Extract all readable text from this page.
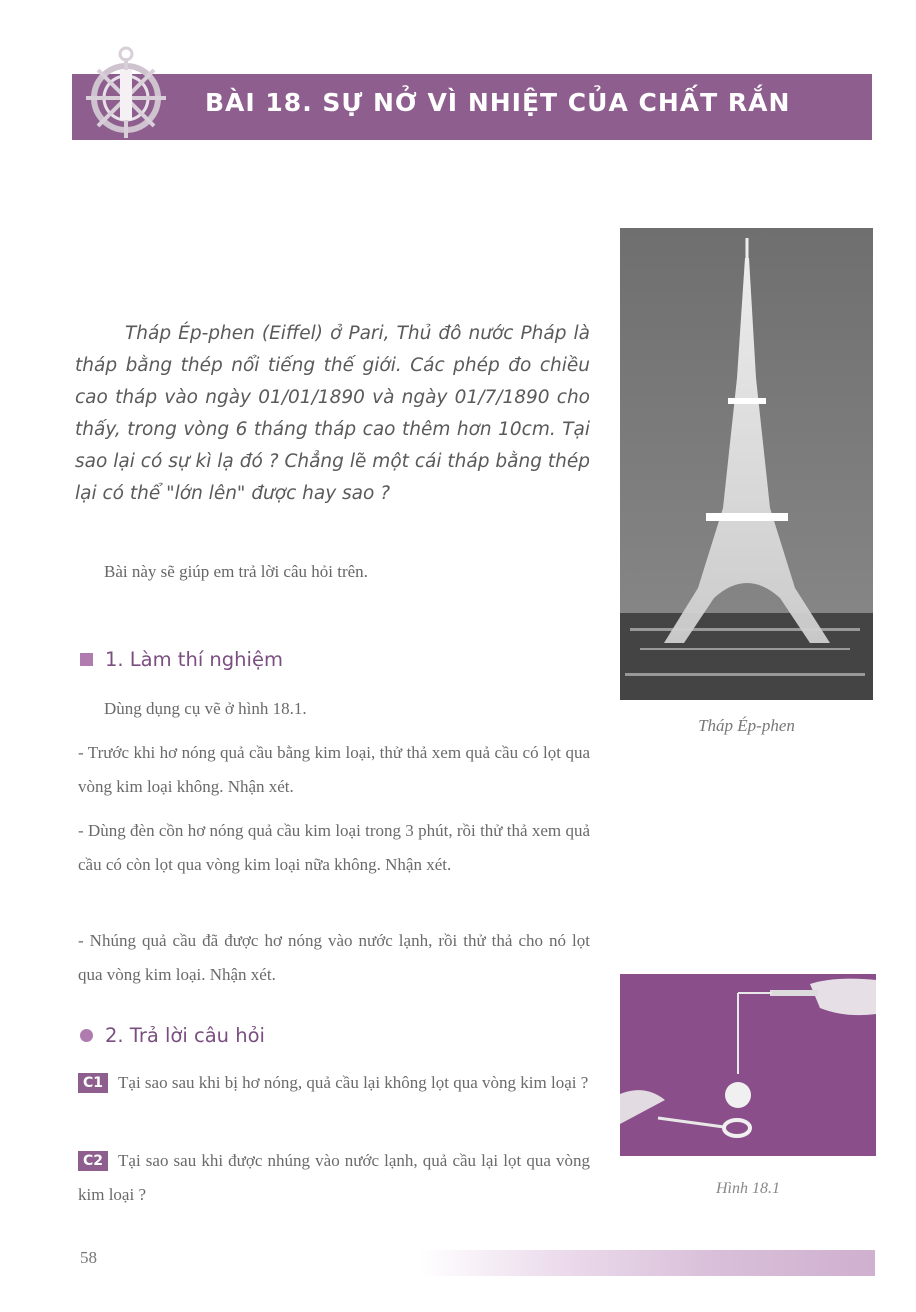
BÀI 18. SỰ NỞ VÌ NHIỆT CỦA CHẤT RẮN
Tháp Ép-phen (Eiffel) ở Pari, Thủ đô nước Pháp là tháp bằng thép nổi tiếng thế giới. Các phép đo chiều cao tháp vào ngày 01/01/1890 và ngày 01/7/1890 cho thấy, trong vòng 6 tháng tháp cao thêm hơn 10cm. Tại sao lại có sự kì lạ đó ? Chẳng lẽ một cái tháp bằng thép lại có thể "lớn lên" được hay sao ?
Bài này sẽ giúp em trả lời câu hỏi trên.
Tháp Ép-phen
1. Làm thí nghiệm
Dùng dụng cụ vẽ ở hình 18.1.
- Trước khi hơ nóng quả cầu bằng kim loại, thử thả xem quả cầu có lọt qua vòng kim loại không. Nhận xét.
- Dùng đèn cồn hơ nóng quả cầu kim loại trong 3 phút, rồi thử thả xem quả cầu có còn lọt qua vòng kim loại nữa không. Nhận xét.
- Nhúng quả cầu đã được hơ nóng vào nước lạnh, rồi thử thả cho nó lọt qua vòng kim loại. Nhận xét.
2. Trả lời câu hỏi
C1 Tại sao sau khi bị hơ nóng, quả cầu lại không lọt qua vòng kim loại ?
C2 Tại sao sau khi được nhúng vào nước lạnh, quả cầu lại lọt qua vòng kim loại ?	Hình 18.1
58
